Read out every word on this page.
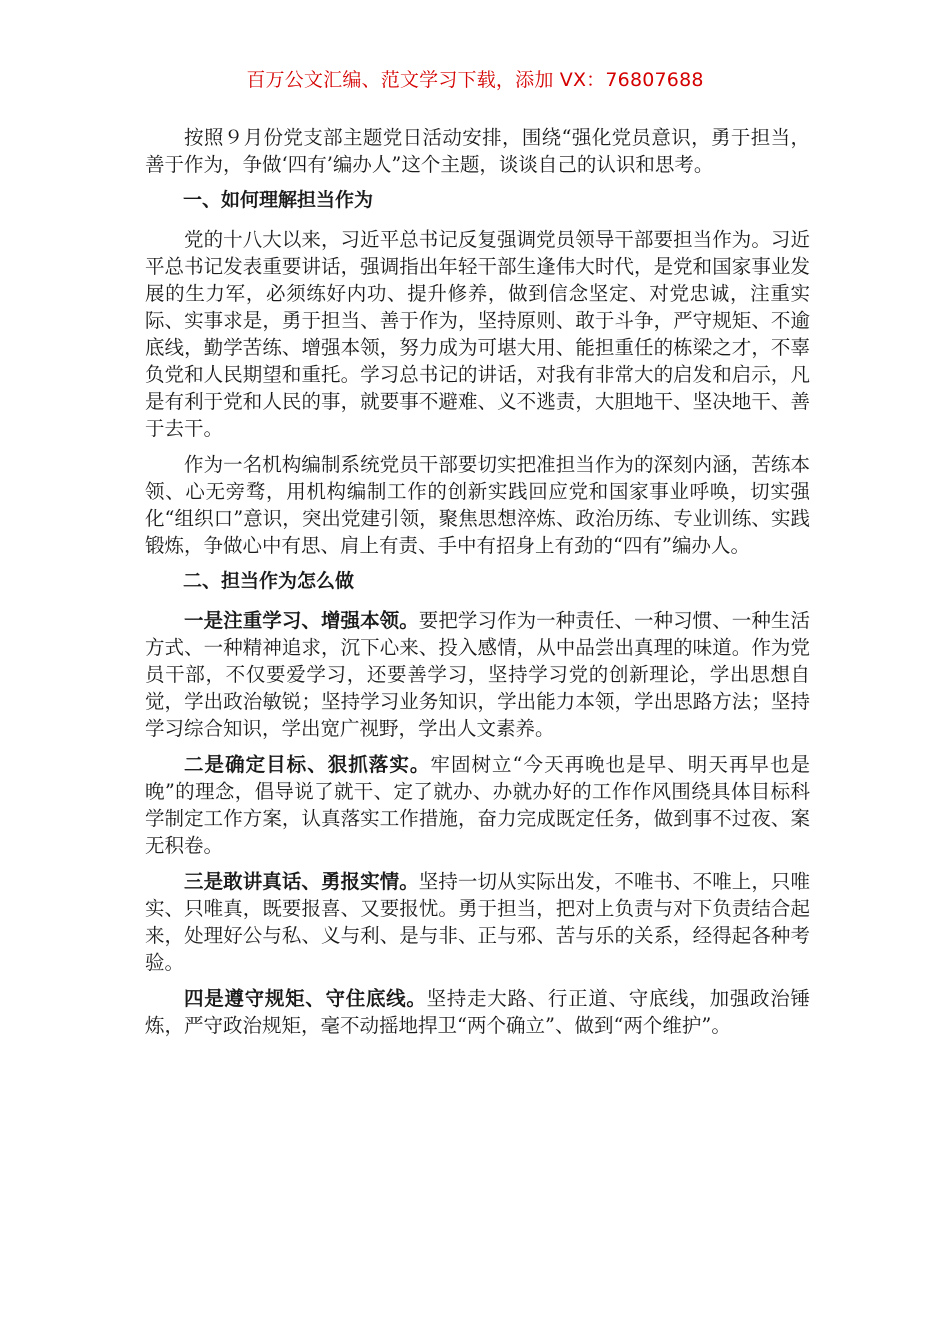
百万公文汇编、范文学习下载，添加 VX：76807688

按照９月份党支部主题党日活动安排，围绕“强化党员意识，勇于担当，善于作为，争做‘四有’编办人”这个主题，谈谈自己的认识和思考。

一、如何理解担当作为

党的十八大以来，习近平总书记反复强调党员领导干部要担当作为。习近平总书记发表重要讲话，强调指出年轻干部生逢伟大时代，是党和国家事业发展的生力军，必须练好内功、提升修养，做到信念坚定、对党忠诚，注重实际、实事求是，勇于担当、善于作为，坚持原则、敢于斗争，严守规矩、不逾底线，勤学苦练、增强本领，努力成为可堪大用、能担重任的栋梁之才，不辜负党和人民期望和重托。学习总书记的讲话，对我有非常大的启发和启示，凡是有利于党和人民的事，就要事不避难、义不逃责，大胆地干、坚决地干、善于去干。

作为一名机构编制系统党员干部要切实把准担当作为的深刻内涵，苦练本领、心无旁骛，用机构编制工作的创新实践回应党和国家事业呼唤，切实强化“组织口”意识，突出党建引领，聚焦思想淬炼、政治历练、专业训练、实践锻炼，争做心中有思、肩上有责、手中有招身上有劲的“四有”编办人。

二、担当作为怎么做

一是注重学习、增强本领。要把学习作为一种责任、一种习惯、一种生活方式、一种精神追求，沉下心来、投入感情，从中品尝出真理的味道。作为党员干部，不仅要爱学习，还要善学习，坚持学习党的创新理论，学出思想自觉，学出政治敏锐；坚持学习业务知识，学出能力本领，学出思路方法；坚持学习综合知识，学出宽广视野，学出人文素养。

二是确定目标、狠抓落实。牢固树立“今天再晚也是早、明天再早也是晚”的理念，倡导说了就干、定了就办、办就办好的工作作风围绕具体目标科学制定工作方案，认真落实工作措施，奋力完成既定任务，做到事不过夜、案无积卷。

三是敢讲真话、勇报实情。坚持一切从实际出发，不唯书、不唯上，只唯实、只唯真，既要报喜、又要报忧。勇于担当，把对上负责与对下负责结合起来，处理好公与私、义与利、是与非、正与邪、苦与乐的关系，经得起各种考验。

四是遵守规矩、守住底线。坚持走大路、行正道、守底线，加强政治锤炼，严守政治规矩，毫不动摇地捍卫“两个确立”、做到“两个维护”。
